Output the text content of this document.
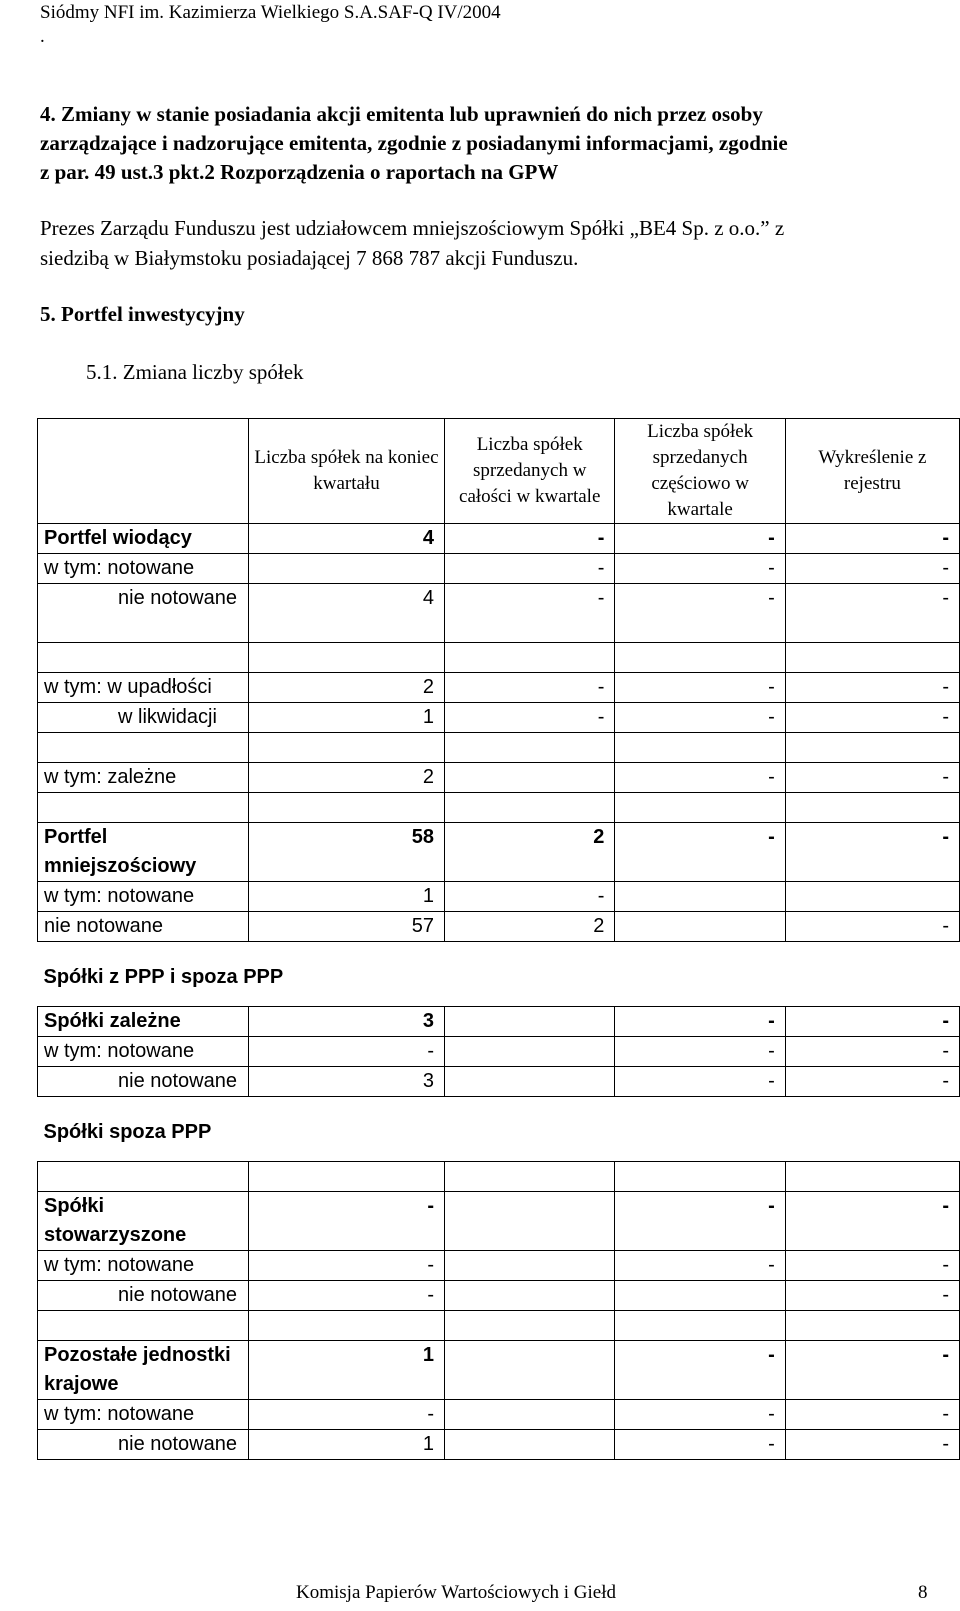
Siódmy NFI im. Kazimierza Wielkiego S.A.SAF-Q IV/2004
.
4. Zmiany w stanie posiadania akcji emitenta lub uprawnień do nich przez osoby
zarządzające i nadzorujące emitenta, zgodnie z posiadanymi informacjami, zgodnie
z par. 49 ust.3 pkt.2 Rozporządzenia o raportach na GPW
Prezes Zarządu Funduszu jest udziałowcem mniejszościowym Spółki „BE4 Sp. z o.o.” z
siedzibą w Białymstoku posiadającej 7 868 787 akcji Funduszu.
5. Portfel inwestycyjny
5.1. Zmiana liczby spółek
	Liczba spółek na koniec kwartału	Liczba spółek sprzedanych w całości w kwartale	Liczba spółek sprzedanych częściowo w kwartale	Wykreślenie z rejestru
Portfel wiodący	4	-	-	-
w tym: notowane		-	-	-
nie notowane	4	-	-	-

w tym: w upadłości	2	-	-	-
w likwidacji	1	-	-	-

w tym: zależne	2		-	-

Portfel mniejszościowy	58	2	-	-
w tym: notowane	1	-		
nie notowane	57	2		-
Spółki z PPP i spoza PPP				
Spółki zależne	3		-	-
w tym: notowane	-		-	-
nie notowane	3		-	-
Spółki spoza PPP				

Spółki stowarzyszone	-		-	-
w tym: notowane	-		-	-
nie notowane	-			-

Pozostałe jednostki krajowe	1		-	-
w tym: notowane	-		-	-
nie notowane	1		-	-
Komisja Papierów Wartościowych i Giełd	8
